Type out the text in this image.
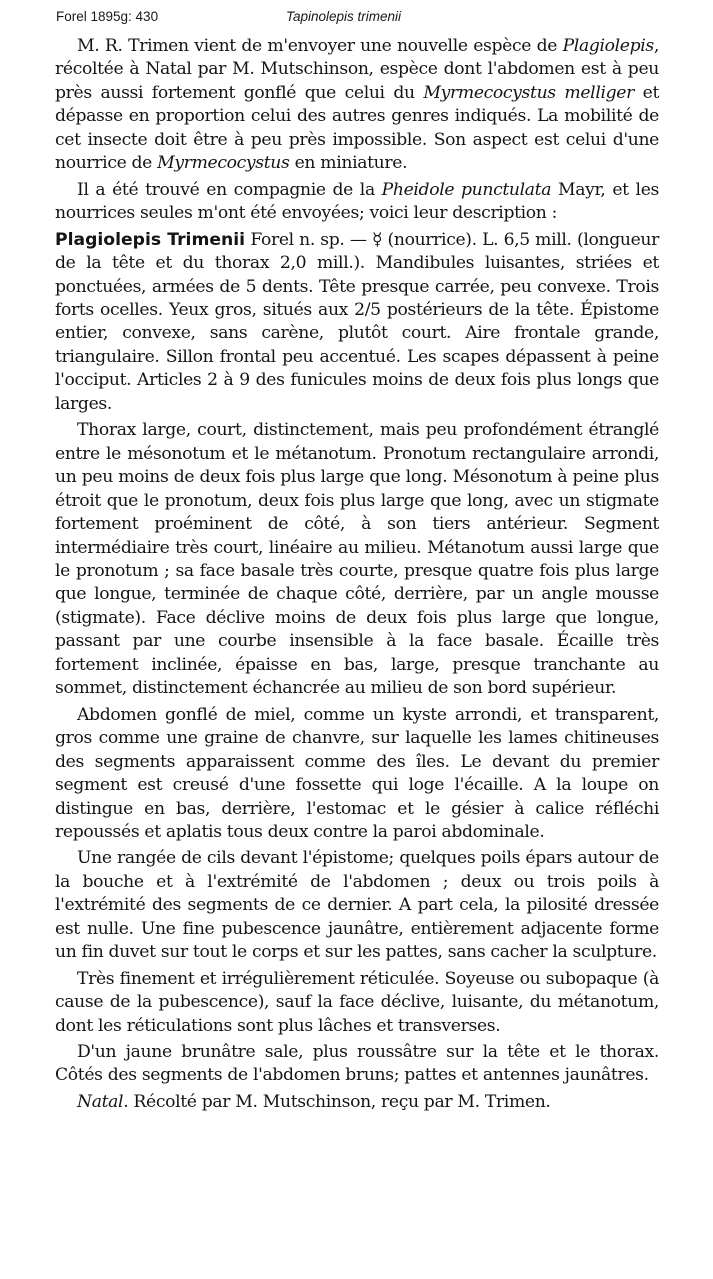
Forel 1895g: 430	Tapinolepis trimenii

M. R. Trimen vient de m'envoyer une nouvelle espèce de Plagiolepis, récoltée à Natal par M. Mutschinson, espèce dont l'abdomen est à peu près aussi fortement gonflé que celui du Myrmecocystus melliger et dépasse en proportion celui des autres genres indiqués. La mobilité de cet insecte doit être à peu près impossible. Son aspect est celui d'une nourrice de Myrmecocystus en miniature.

Il a été trouvé en compagnie de la Pheidole punctulata Mayr, et les nourrices seules m'ont été envoyées; voici leur description :

Plagiolepis Trimenii Forel n. sp. — ☿ (nourrice). L. 6,5 mill. (longueur de la tête et du thorax 2,0 mill.). Mandibules luisantes, striées et ponctuées, armées de 5 dents. Tête presque carrée, peu convexe. Trois forts ocelles. Yeux gros, situés aux 2/5 postérieurs de la tête. Épistome entier, convexe, sans carène, plutôt court. Aire frontale grande, triangulaire. Sillon frontal peu accentué. Les scapes dépassent à peine l'occiput. Articles 2 à 9 des funicules moins de deux fois plus longs que larges.

Thorax large, court, distinctement, mais peu profondément étranglé entre le mésonotum et le métanotum. Pronotum rectangulaire arrondi, un peu moins de deux fois plus large que long. Mésonotum à peine plus étroit que le pronotum, deux fois plus large que long, avec un stigmate fortement proéminent de côté, à son tiers antérieur. Segment intermédiaire très court, linéaire au milieu. Métanotum aussi large que le pronotum ; sa face basale très courte, presque quatre fois plus large que longue, terminée de chaque côté, derrière, par un angle mousse (stigmate). Face déclive moins de deux fois plus large que longue, passant par une courbe insensible à la face basale. Écaille très fortement inclinée, épaisse en bas, large, presque tranchante au sommet, distinctement échancrée au milieu de son bord supérieur.

Abdomen gonflé de miel, comme un kyste arrondi, et transparent, gros comme une graine de chanvre, sur laquelle les lames chitineuses des segments apparaissent comme des îles. Le devant du premier segment est creusé d'une fossette qui loge l'écaille. A la loupe on distingue en bas, derrière, l'estomac et le gésier à calice réfléchi repoussés et aplatis tous deux contre la paroi abdominale.

Une rangée de cils devant l'épistome; quelques poils épars autour de la bouche et à l'extrémité de l'abdomen ; deux ou trois poils à l'extrémité des segments de ce dernier. A part cela, la pilosité dressée est nulle. Une fine pubescence jaunâtre, entièrement adjacente forme un fin duvet sur tout le corps et sur les pattes, sans cacher la sculpture.

Très finement et irrégulièrement réticulée. Soyeuse ou subopaque (à cause de la pubescence), sauf la face déclive, luisante, du métanotum, dont les réticulations sont plus lâches et transverses.

D'un jaune brunâtre sale, plus roussâtre sur la tête et le thorax. Côtés des segments de l'abdomen bruns; pattes et antennes jaunâtres.

Natal. Récolté par M. Mutschinson, reçu par M. Trimen.
